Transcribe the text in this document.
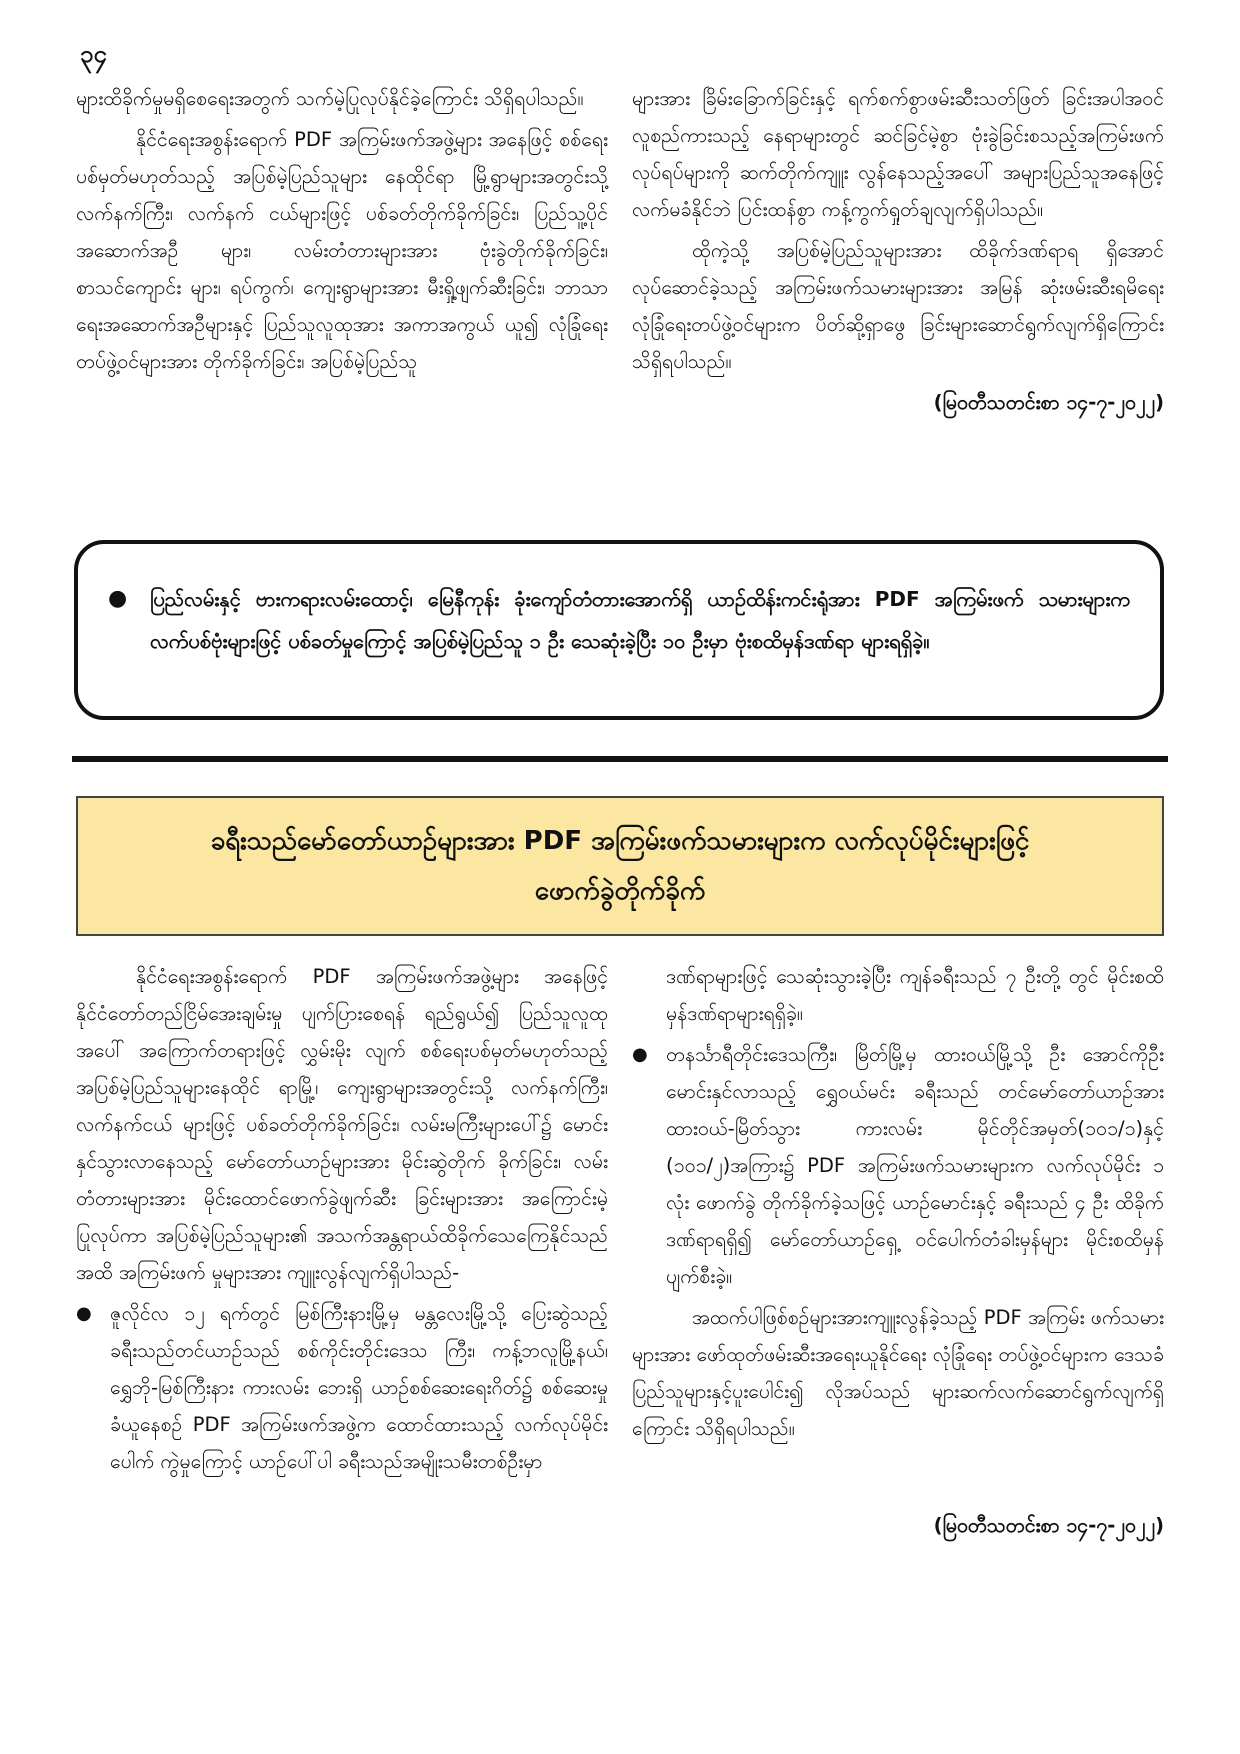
၃၄

များထိခိုက်မှုမရှိစေရေးအတွက် သက်မဲ့ပြုလုပ်နိုင်ခဲ့ကြောင်း သိရှိရပါသည်။

နိုင်ငံရေးအစွန်းရောက် PDF အကြမ်းဖက်အဖွဲ့များ အနေဖြင့် စစ်ရေးပစ်မှတ်မဟုတ်သည့် အပြစ်မဲ့ပြည်သူများ နေထိုင်ရာ မြို့ရွာများအတွင်းသို့ လက်နက်ကြီး၊ လက်နက် ငယ်များဖြင့် ပစ်ခတ်တိုက်ခိုက်ခြင်း၊ ပြည်သူ့ပိုင်အဆောက်အဦ များ၊ လမ်းတံတားများအား ဗုံးခွဲတိုက်ခိုက်ခြင်း၊ စာသင်ကျောင်း များ၊ ရပ်ကွက်၊ ကျေးရွာများအား မီးရှို့ဖျက်ဆီးခြင်း၊ ဘာသာ ရေးအဆောက်အဦများနှင့် ပြည်သူလူထုအား အကာအကွယ် ယူ၍ လုံခြုံရေးတပ်ဖွဲ့ဝင်များအား တိုက်ခိုက်ခြင်း၊ အပြစ်မဲ့ပြည်သူ

များအား ခြိမ်းခြောက်ခြင်းနှင့် ရက်စက်စွာဖမ်းဆီးသတ်ဖြတ် ခြင်းအပါအဝင် လူစည်ကားသည့် နေရာများတွင် ဆင်ခြင်မဲ့စွာ ဗုံးခွဲခြင်းစသည့်အကြမ်းဖက်လုပ်ရပ်များကို ဆက်တိုက်ကျူး လွန်နေသည့်အပေါ် အများပြည်သူအနေဖြင့် လက်မခံနိုင်ဘဲ ပြင်းထန်စွာ ကန့်ကွက်ရှုတ်ချလျက်ရှိပါသည်။

ထိုကဲ့သို့ အပြစ်မဲ့ပြည်သူများအား ထိခိုက်ဒဏ်ရာရ ရှိအောင်လုပ်ဆောင်ခဲ့သည့် အကြမ်းဖက်သမားများအား အမြန် ဆုံးဖမ်းဆီးရမိရေး လုံခြုံရေးတပ်ဖွဲ့ဝင်များက ပိတ်ဆို့ရှာဖွေ ခြင်းများဆောင်ရွက်လျက်ရှိကြောင်း သိရှိရပါသည်။

(မြဝတီသတင်းစာ ၁၄-၇-၂၀၂၂)

●	ပြည်လမ်းနှင့် ဗားကရားလမ်းထောင့်၊ မြေနီကုန်း ခုံးကျော်တံတားအောက်ရှိ ယာဉ်ထိန်းကင်းရုံအား PDF အကြမ်းဖက် သမားများက လက်ပစ်ဗုံးများဖြင့် ပစ်ခတ်မှုကြောင့် အပြစ်မဲ့ပြည်သူ ၁ ဦး သေဆုံးခဲ့ပြီး ၁၀ ဦးမှာ ဗုံးစထိမှန်ဒဏ်ရာ များရရှိခဲ့။
ခရီးသည်မော်တော်ယာဉ်များအား PDF အကြမ်းဖက်သမားများက လက်လုပ်မိုင်းများဖြင့်
ဖောက်ခွဲတိုက်ခိုက်

နိုင်ငံရေးအစွန်းရောက် PDF အကြမ်းဖက်အဖွဲ့များ အနေဖြင့် နိုင်ငံတော်တည်ငြိမ်အေးချမ်းမှု ပျက်ပြားစေရန် ရည်ရွယ်၍ ပြည်သူလူထုအပေါ် အကြောက်တရားဖြင့် လွှမ်းမိုး လျက် စစ်ရေးပစ်မှတ်မဟုတ်သည့် အပြစ်မဲ့ပြည်သူများနေထိုင် ရာမြို့၊ ကျေးရွာများအတွင်းသို့ လက်နက်ကြီး၊ လက်နက်ငယ် များဖြင့် ပစ်ခတ်တိုက်ခိုက်ခြင်း၊ လမ်းမကြီးများပေါ်၌ မောင်း နှင်သွားလာနေသည့် မော်တော်ယာဉ်များအား မိုင်းဆွဲတိုက် ခိုက်ခြင်း၊ လမ်းတံတားများအား မိုင်းထောင်ဖောက်ခွဲဖျက်ဆီး ခြင်းများအား အကြောင်းမဲ့ပြုလုပ်ကာ အပြစ်မဲ့ပြည်သူများ၏ အသက်အန္တရာယ်ထိခိုက်သေကြေနိုင်သည်အထိ အကြမ်းဖက် မှုများအား ကျူးလွန်လျက်ရှိပါသည်-

● ဇူလိုင်လ ၁၂ ရက်တွင် မြစ်ကြီးနားမြို့မှ မန္တလေးမြို့သို့ ပြေးဆွဲသည့် ခရီးသည်တင်ယာဉ်သည် စစ်ကိုင်းတိုင်းဒေသ ကြီး၊ ကန့်ဘလူမြို့နယ်၊ ရွှေဘို-မြစ်ကြီးနား ကားလမ်း ဘေးရှိ ယာဉ်စစ်ဆေးရေးဂိတ်၌ စစ်ဆေးမှုခံယူနေစဉ် PDF အကြမ်းဖက်အဖွဲ့က ထောင်ထားသည့် လက်လုပ်မိုင်းပေါက် ကွဲမှုကြောင့် ယာဉ်ပေါ်ပါ ခရီးသည်အမျိုးသမီးတစ်ဦးမှာ

ဒဏ်ရာများဖြင့် သေဆုံးသွားခဲ့ပြီး ကျန်ခရီးသည် ၇ ဦးတို့ တွင် မိုင်းစထိမှန်ဒဏ်ရာများရရှိခဲ့။

● တနင်္သာရီတိုင်းဒေသကြီး၊ မြိတ်မြို့မှ ထားဝယ်မြို့သို့ ဦး အောင်ကိုဦး မောင်းနှင်လာသည့် ရွှေဝယ်မင်း ခရီးသည် တင်မော်တော်ယာဉ်အား ထားဝယ်-မြိတ်သွား ကားလမ်း မိုင်တိုင်အမှတ်(၁၀၁/၁)နှင့် (၁၀၁/၂)အကြား၌ PDF အကြမ်းဖက်သမားများက လက်လုပ်မိုင်း ၁ လုံး ဖောက်ခွဲ တိုက်ခိုက်ခဲ့သဖြင့် ယာဉ်မောင်းနှင့် ခရီးသည် ၄ ဦး ထိခိုက် ဒဏ်ရာရရှိ၍ မော်တော်ယာဉ်ရှေ့ ဝင်ပေါက်တံခါးမှန်များ မိုင်းစထိမှန်ပျက်စီးခဲ့။

အထက်ပါဖြစ်စဉ်များအားကျူးလွန်ခဲ့သည့် PDF အကြမ်း ဖက်သမားများအား ဖော်ထုတ်ဖမ်းဆီးအရေးယူနိုင်ရေး လုံခြုံရေး တပ်ဖွဲ့ဝင်များက ဒေသခံပြည်သူများနှင့်ပူးပေါင်း၍ လိုအပ်သည် များဆက်လက်ဆောင်ရွက်လျက်ရှိကြောင်း သိရှိရပါသည်။

(မြဝတီသတင်းစာ ၁၄-၇-၂၀၂၂)
